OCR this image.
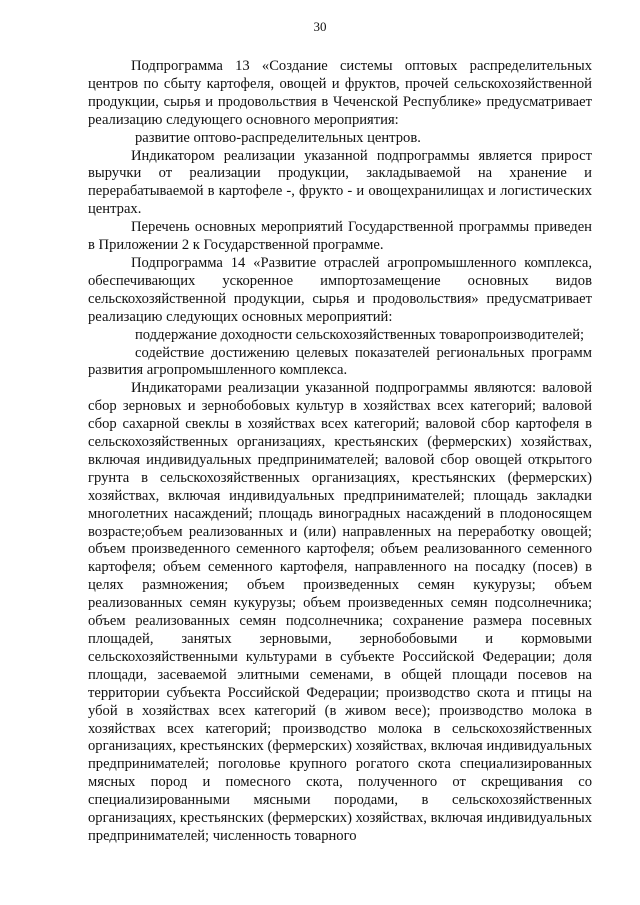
30

Подпрограмма 13 «Создание системы оптовых распределительных центров по сбыту картофеля, овощей и фруктов, прочей сельскохозяйственной продукции, сырья и продовольствия в Чеченской Республике» предусматривает реализацию следующего основного мероприятия:

развитие оптово-распределительных центров.

Индикатором реализации указанной подпрограммы является прирост выручки от реализации продукции, закладываемой на хранение и перерабатываемой в картофеле -, фрукто - и овощехранилищах и логистических центрах.

Перечень основных мероприятий Государственной программы приведен в Приложении 2 к Государственной программе.

Подпрограмма 14 «Развитие отраслей агропромышленного комплекса, обеспечивающих ускоренное импортозамещение основных видов сельскохозяйственной продукции, сырья и продовольствия» предусматривает реализацию следующих основных мероприятий:

поддержание доходности сельскохозяйственных товаропроизводителей;

содействие достижению целевых показателей региональных программ развития агропромышленного комплекса.

Индикаторами реализации указанной подпрограммы являются: валовой сбор зерновых и зернобобовых культур в хозяйствах всех категорий; валовой сбор сахарной свеклы в хозяйствах всех категорий; валовой сбор картофеля в сельскохозяйственных организациях, крестьянских (фермерских) хозяйствах, включая индивидуальных предпринимателей; валовой сбор овощей открытого грунта в сельскохозяйственных организациях, крестьянских (фермерских) хозяйствах, включая индивидуальных предпринимателей; площадь закладки многолетних насаждений; площадь виноградных насаждений в плодоносящем возрасте;объем реализованных и (или) направленных на переработку овощей; объем произведенного семенного картофеля; объем реализованного семенного картофеля; объем семенного картофеля, направленного на посадку (посев) в целях размножения; объем произведенных семян кукурузы; объем реализованных семян кукурузы; объем произведенных семян подсолнечника; объем реализованных семян подсолнечника; сохранение размера посевных площадей, занятых зерновыми, зернобобовыми и кормовыми сельскохозяйственными культурами в субъекте Российской Федерации; доля площади, засеваемой элитными семенами, в общей площади посевов на территории субъекта Российской Федерации; производство скота и птицы на убой в хозяйствах всех категорий (в живом весе); производство молока в хозяйствах всех категорий; производство молока в сельскохозяйственных организациях, крестьянских (фермерских) хозяйствах, включая индивидуальных предпринимателей; поголовье крупного рогатого скота специализированных мясных пород и помесного скота, полученного от скрещивания со специализированными мясными породами, в сельскохозяйственных организациях, крестьянских (фермерских) хозяйствах, включая индивидуальных предпринимателей; численность товарного
